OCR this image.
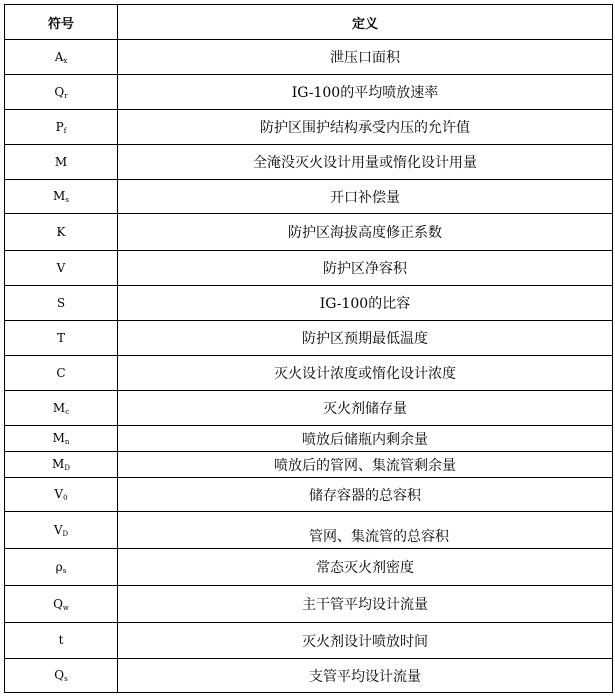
符号	定义
$A_x$	泄压口面积
$Q_r$	IG-100的平均喷放速率
$P_f$	防护区围护结构承受内压的允许值
M	全淹没灭火设计用量或惰化设计用量
$M_s$	开口补偿量
K	防护区海拔高度修正系数
V	防护区净容积
S	IG-100的比容
T	防护区预期最低温度
C	灭火设计浓度或惰化设计浓度
$M_c$	灭火剂储存量
$M_n$	喷放后储瓶内剩余量
$M_D$	喷放后的管网、集流管剩余量
$V_0$	储存容器的总容积
$V_D$	管网、集流管的总容积
$\rho_s$	常态灭火剂密度
$Q_w$	主干管平均设计流量
t	灭火剂设计喷放时间
$Q_s$	支管平均设计流量
